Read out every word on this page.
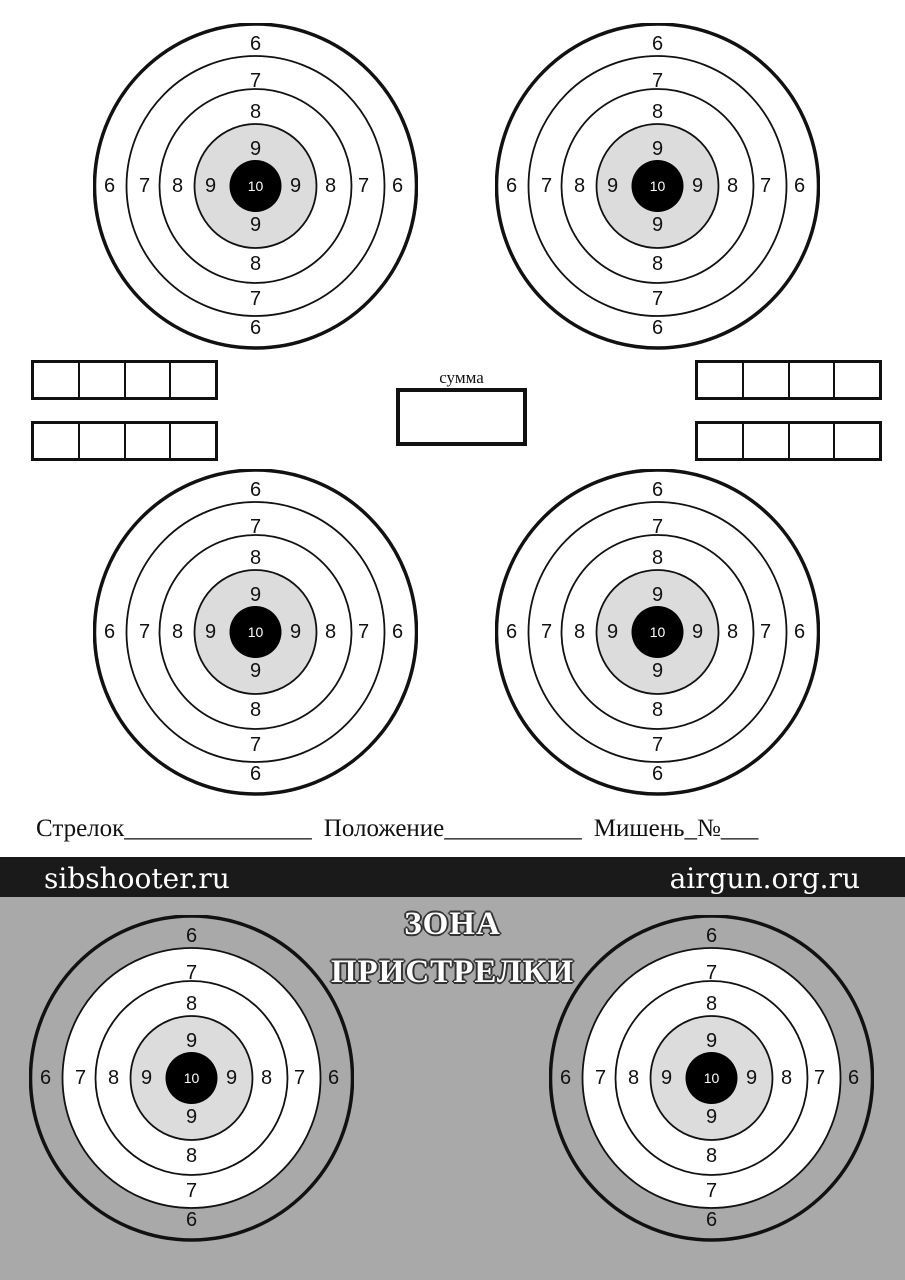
6
6
7
7
8
8
9
9
6	6
7	7
8	8
9	9
10
6
6
7
7
8
8
9
9
6	6
7	7
8	8
9	9
10
6
6
7
7
8
8
9
9
6	6
7	7
8	8
9	9
10
6
6
7
7
8
8
9
9
6	6
7	7
8	8
9	9
10
сумма
Стрелок_______________ Положение___________ Мишень_№___
sibshooter.ru	airgun.org.ru
ЗОНА
ПРИСТРЕЛКИ
6
6
7
7
8
8
9
9
6	6
7	7
8	8
9	9
10
6
6
7
7
8
8
9
9
6	6
7	7
8	8
9	9
10
